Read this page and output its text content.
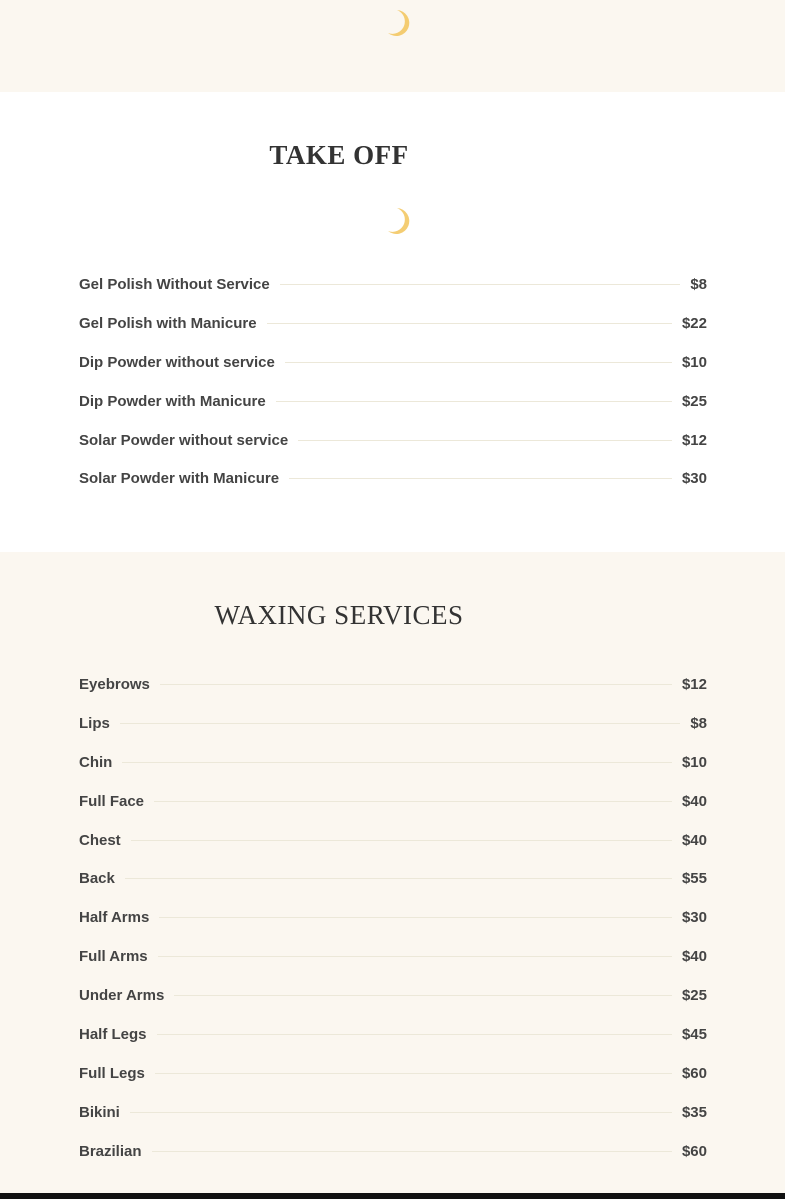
TAKE OFF
Gel Polish Without Service	$8
Gel Polish with Manicure	$22
Dip Powder without service	$10
Dip Powder with Manicure	$25
Solar Powder without service	$12
Solar Powder with Manicure	$30
WAXING SERVICES
Eyebrows	$12
Lips	$8
Chin	$10
Full Face	$40
Chest	$40
Back	$55
Half Arms	$30
Full Arms	$40
Under Arms	$25
Half Legs	$45
Full Legs	$60
Bikini	$35
Brazilian	$60
